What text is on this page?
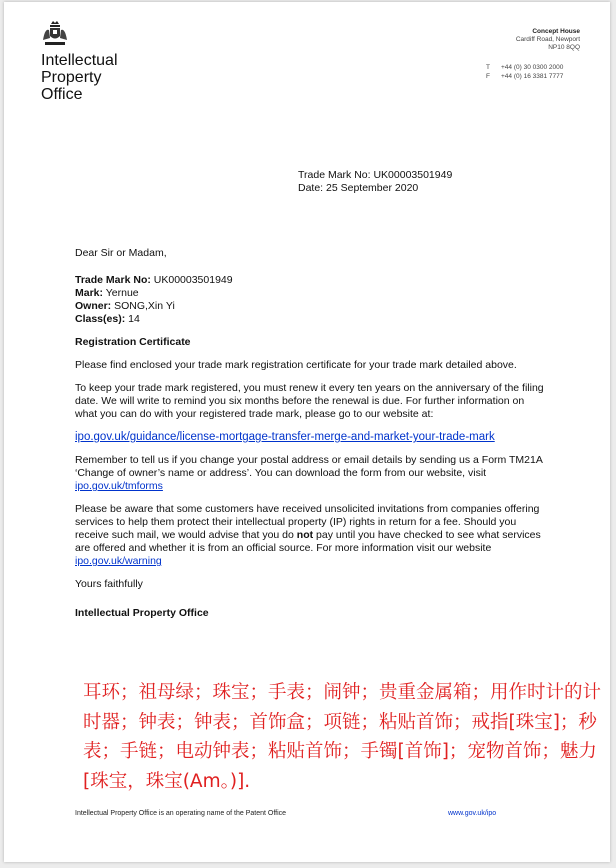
Intellectual
Property
Office
Concept House
Cardiff Road, Newport
NP10 8QQ
T +44 (0) 30 0300 2000
F +44 (0) 16 3381 7777
Trade Mark No: UK00003501949
Date: 25 September 2020

Dear Sir or Madam,

Trade Mark No: UK00003501949
Mark: Yernue
Owner: SONG,Xin Yi
Class(es): 14

Registration Certificate

Please find enclosed your trade mark registration certificate for your trade mark detailed above.

To keep your trade mark registered, you must renew it every ten years on the anniversary of the filing date. We will write to remind you six months before the renewal is due. For further information on what you can do with your registered trade mark, please go to our website at:

ipo.gov.uk/guidance/license-mortgage-transfer-merge-and-market-your-trade-mark

Remember to tell us if you change your postal address or email details by sending us a Form TM21A ‘Change of owner’s name or address’. You can download the form from our website, visit ipo.gov.uk/tmforms

Please be aware that some customers have received unsolicited invitations from companies offering services to help them protect their intellectual property (IP) rights in return for a fee. Should you receive such mail, we would advise that you do not pay until you have checked to see what services are offered and whether it is from an official source. For more information visit our website ipo.gov.uk/warning

Yours faithfully

Intellectual Property Office

耳环；祖母绿；珠宝；手表；闹钟；贵重金属箱；用作时计的计时器；钟表；钟表；首饰盒；项链；粘贴首饰；戒指[珠宝]；秒表；手链；电动钟表；粘贴首饰；手镯[首饰]；宠物首饰；魅力[珠宝，珠宝(Am。)].
Intellectual Property Office is an operating name of the Patent Office	www.gov.uk/ipo
